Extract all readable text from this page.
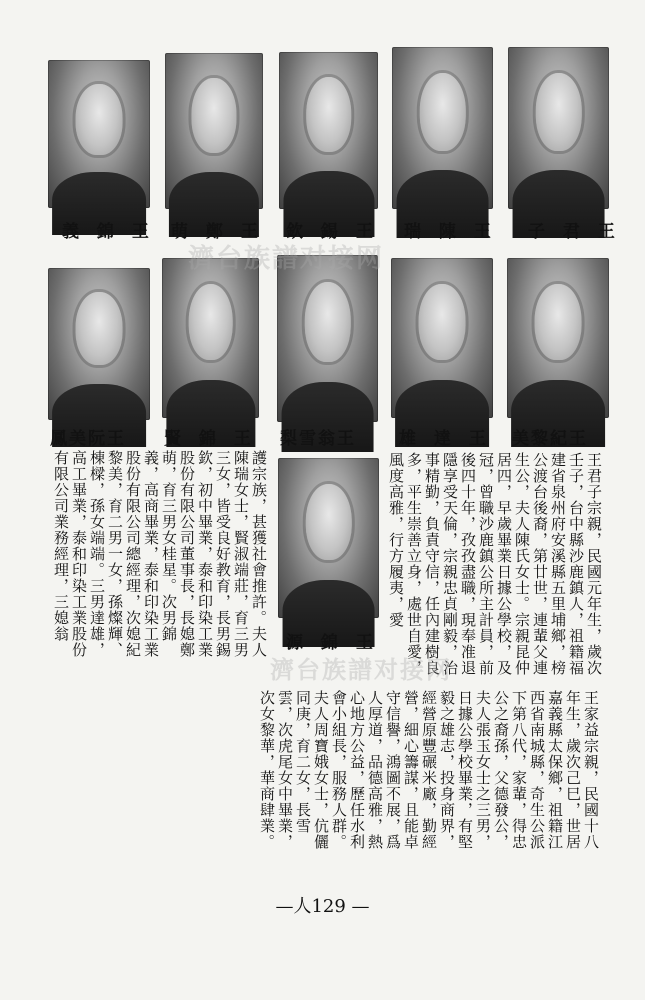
義 錦 王 萌 鄭 王 欽 錫 王 瑞 陳 王 子 君 王
鳳美阮王 賢 錦 王 梨雪翁王	雄 達 王 美黎紀王
源 錦 王	王君子宗親，民國元年生，歲次壬子，台中縣沙鹿鎮人，祖籍福建省泉州府安溪縣五里埔鄉，榜公渡台後裔，第廿世，連輩父連生公，夫人陳氏女士。宗親昆仲居四，早歲畢業日據公學校，及冠，曾職沙鹿鎮公所主計員，前後四十年，孜孜盡職，現奉准退隱享受天倫，宗親忠貞剛毅，治事精勤，負責守信，任內建樹良多，平生崇善立身，處世自愛，風度高雅，行方履夷，愛
王家益宗親，民國十八年生，歲次己巳，世居嘉義縣太保鄉，祖籍江西省南城縣，奇生公派下第八代，家輩，得忠公之裔孫，父德發公，夫人張玉女士之三男，日據公學校畢業，有堅毅之雄志，投身商界，經營原豐碾米廠，勤經營，細心籌謀，且能卓守信譽，鴻圖不展，爲人厚道，品德高雅，熱心地方公益，歷任水利會小組長，服務人群。夫人周寶娥女士，伉儷同庚，育二女，長雪雲，次虎尾女中畢業，次女黎華，華商肆業。
護宗族，甚獲社會推許。夫人陳瑞女士，賢淑端莊，育三男三女，皆受良好教育，長男錫欽，初中畢業，泰和印染工業股份有限公司董事長，長媳鄭萌，育三男女桂星。次男錦義，高商畢業，泰和印染工業股份有限公司總經理，次媳紀黎美，育二男一女，孫燦輝、棟樑，孫女端端。三男達雄，高工畢業，泰和印染工業股份有限公司業務經理，三媳翁
濟台族譜对接网
濟台族譜对接网
—人129 —
